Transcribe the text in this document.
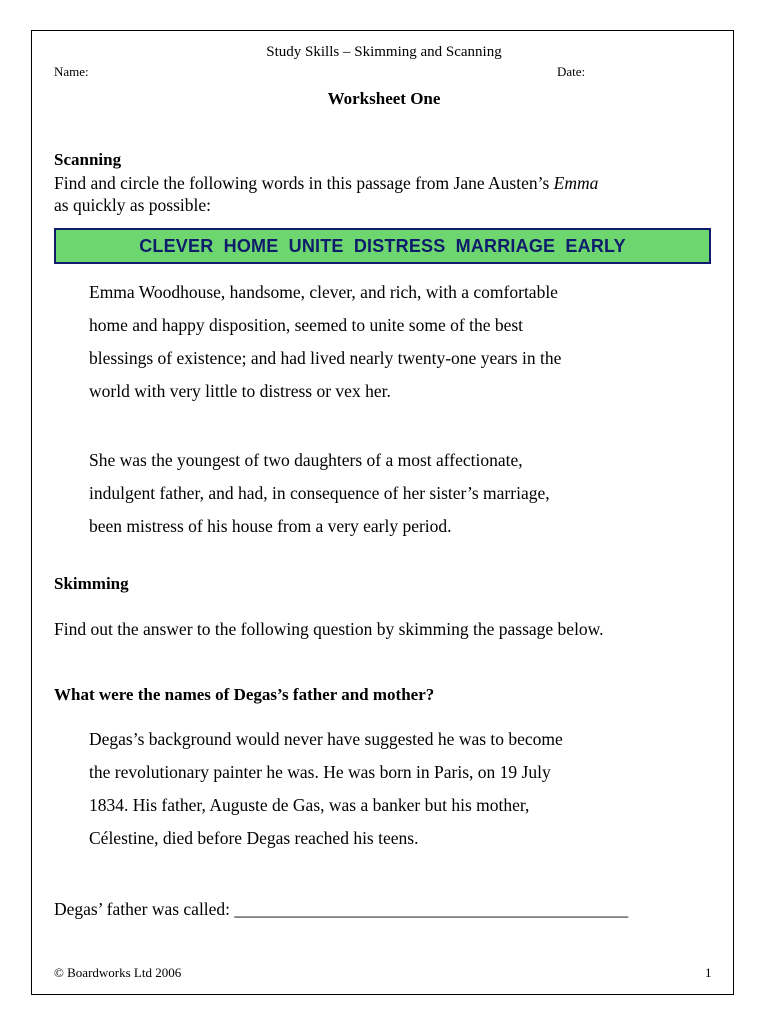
Study Skills – Skimming and Scanning
Name:	Date:
Worksheet One
Scanning
Find and circle the following words in this passage from Jane Austen’s Emma
as quickly as possible:
CLEVER HOME UNITE DISTRESS MARRIAGE EARLY
Emma Woodhouse, handsome, clever, and rich, with a comfortable
home and happy disposition, seemed to unite some of the best
blessings of existence; and had lived nearly twenty-one years in the
world with very little to distress or vex her.
She was the youngest of two daughters of a most affectionate,
indulgent father, and had, in consequence of her sister’s marriage,
been mistress of his house from a very early period.
Skimming
Find out the answer to the following question by skimming the passage below.
What were the names of Degas’s father and mother?
Degas’s background would never have suggested he was to become
the revolutionary painter he was. He was born in Paris, on 19 July
1834. His father, Auguste de Gas, was a banker but his mother,
Célestine, died before Degas reached his teens.
Degas’ father was called: _____________________________________________
© Boardworks Ltd 2006	1
